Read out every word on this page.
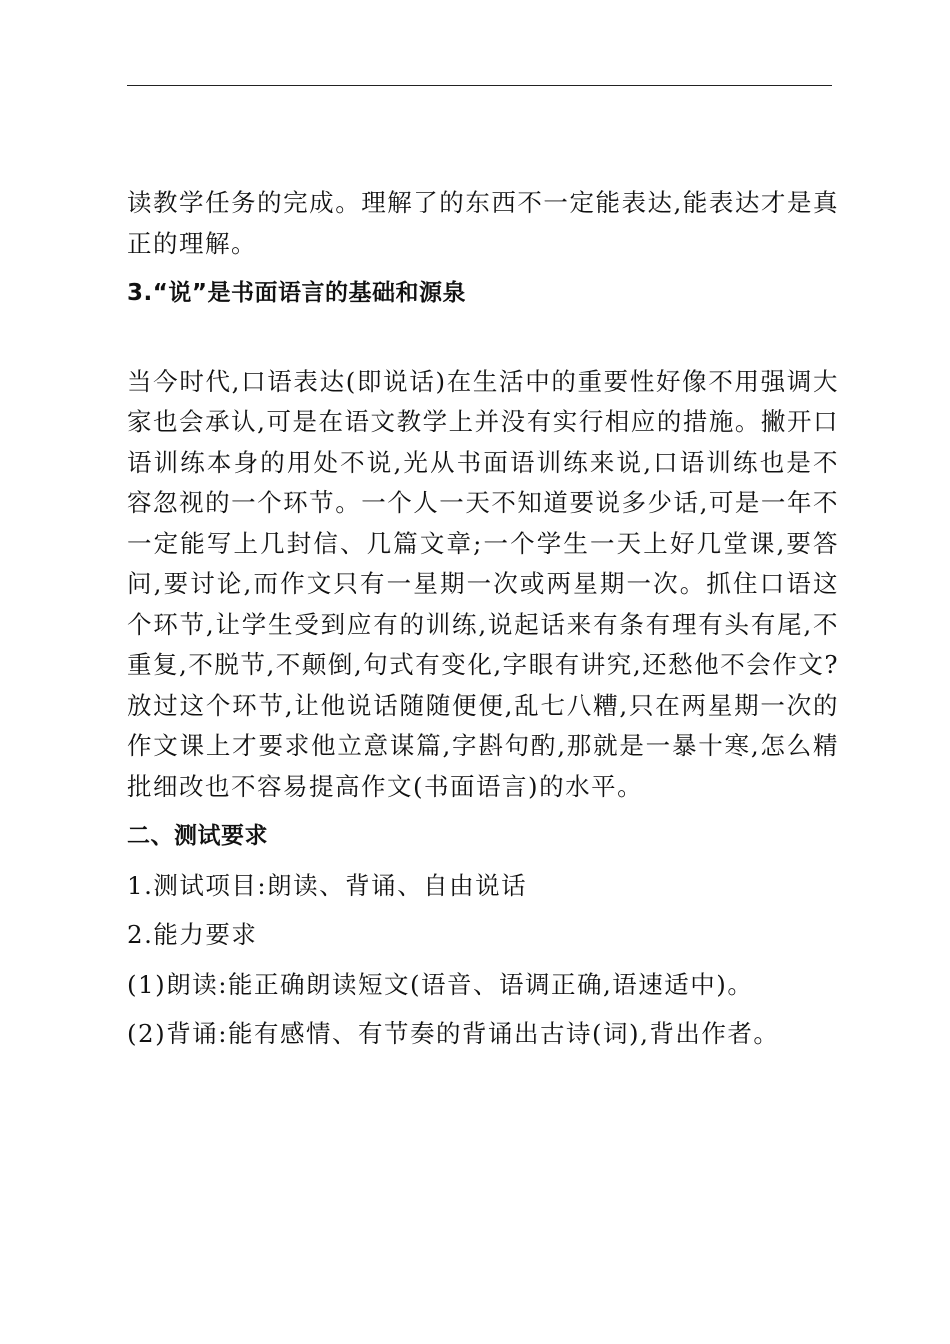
读教学任务的完成。理解了的东西不一定能表达,能表达才是真正的理解。

3.“说”是书面语言的基础和源泉

当今时代,口语表达(即说话)在生活中的重要性好像不用强调大家也会承认,可是在语文教学上并没有实行相应的措施。撇开口语训练本身的用处不说,光从书面语训练来说,口语训练也是不容忽视的一个环节。一个人一天不知道要说多少话,可是一年不一定能写上几封信、几篇文章;一个学生一天上好几堂课,要答问,要讨论,而作文只有一星期一次或两星期一次。抓住口语这个环节,让学生受到应有的训练,说起话来有条有理有头有尾,不重复,不脱节,不颠倒,句式有变化,字眼有讲究,还愁他不会作文?放过这个环节,让他说话随随便便,乱七八糟,只在两星期一次的作文课上才要求他立意谋篇,字斟句酌,那就是一暴十寒,怎么精批细改也不容易提高作文(书面语言)的水平。

二、测试要求

1.测试项目:朗读、背诵、自由说话

2.能力要求

(1)朗读:能正确朗读短文(语音、语调正确,语速适中)。

(2)背诵:能有感情、有节奏的背诵出古诗(词),背出作者。
